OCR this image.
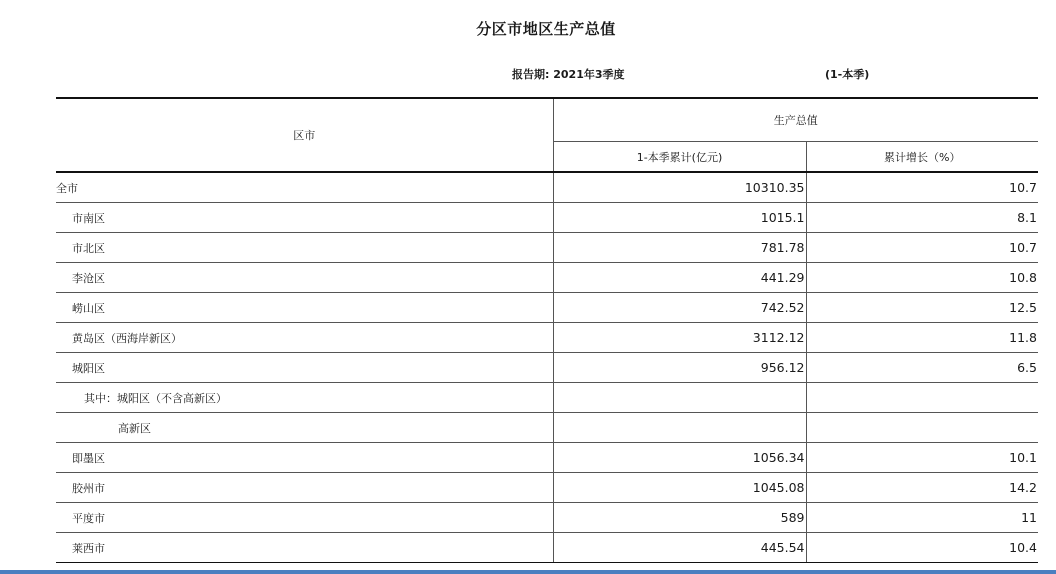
分区市地区生产总值
报告期: 2021年3季度	(1-本季)
区市	生产总值	
	1-本季累计(亿元)	累计增长（%）
全市	10310.35	10.7
市南区	1015.1	8.1
市北区	781.78	10.7
李沧区	441.29	10.8
崂山区	742.52	12.5
黄岛区（西海岸新区）	3112.12	11.8
城阳区	956.12	6.5
其中：城阳区（不含高新区）		
高新区		
即墨区	1056.34	10.1
胶州市	1045.08	14.2
平度市	589	11
莱西市	445.54	10.4
